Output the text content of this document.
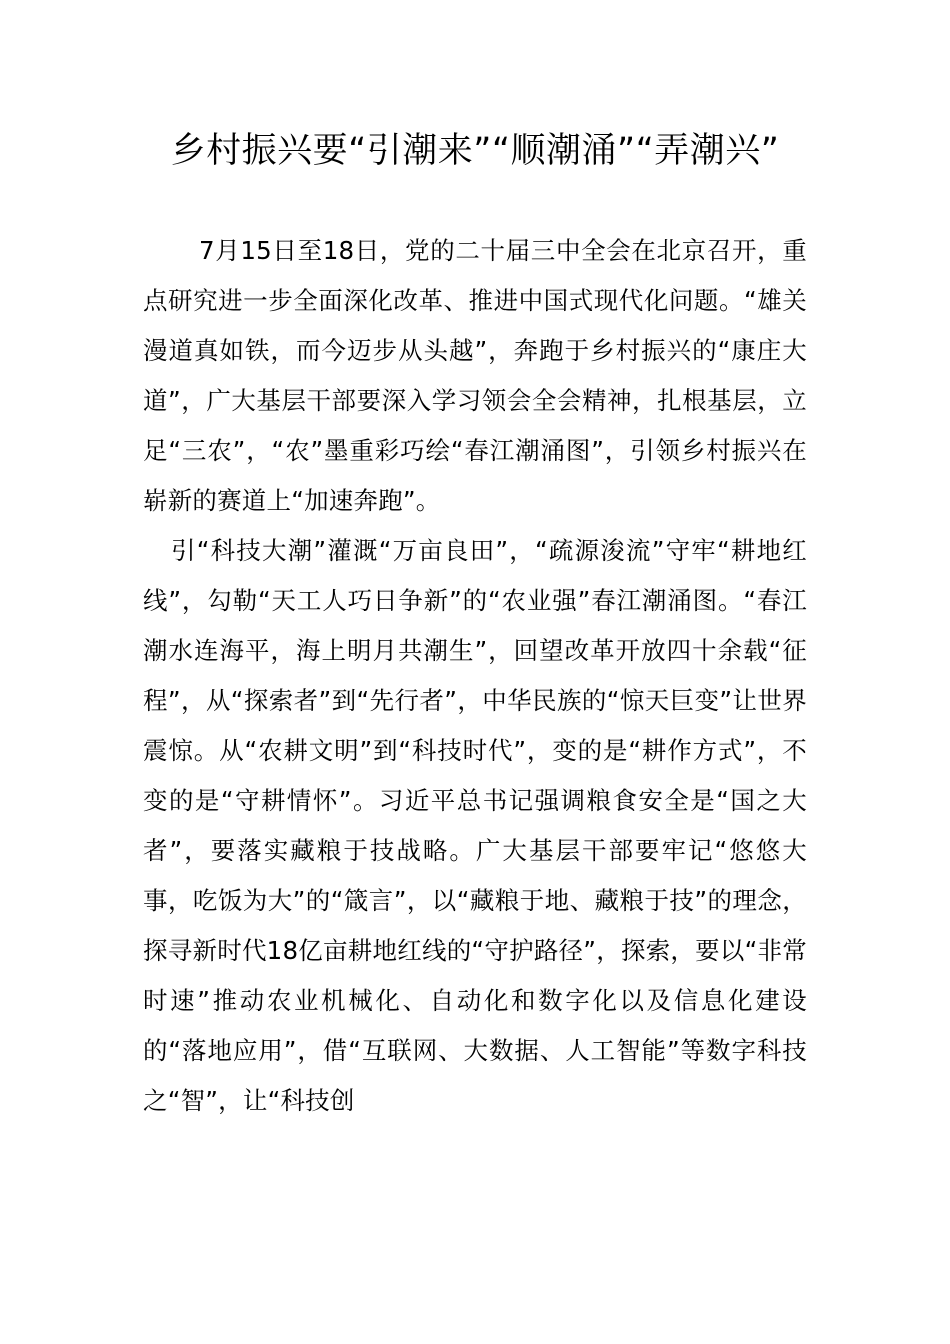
乡村振兴要“引潮来”“顺潮涌”“弄潮兴”

7月15日至18日，党的二十届三中全会在北京召开，重点研究进一步全面深化改革、推进中国式现代化问题。“雄关漫道真如铁，而今迈步从头越”，奔跑于乡村振兴的“康庄大道”，广大基层干部要深入学习领会全会精神，扎根基层，立足“三农”，“农”墨重彩巧绘“春江潮涌图”，引领乡村振兴在崭新的赛道上“加速奔跑”。

引“科技大潮”灌溉“万亩良田”，“疏源浚流”守牢“耕地红线”，勾勒“天工人巧日争新”的“农业强”春江潮涌图。“春江潮水连海平，海上明月共潮生”，回望改革开放四十余载“征程”，从“探索者”到“先行者”，中华民族的“惊天巨变”让世界震惊。从“农耕文明”到“科技时代”，变的是“耕作方式”，不变的是“守耕情怀”。习近平总书记强调粮食安全是“国之大者”，要落实藏粮于技战略。广大基层干部要牢记“悠悠大事，吃饭为大”的“箴言”，以“藏粮于地、藏粮于技”的理念，探寻新时代18亿亩耕地红线的“守护路径”，探索，要以“非常时速”推动农业机械化、自动化和数字化以及信息化建设的“落地应用”，借“互联网、大数据、人工智能”等数字科技之“智”，让“科技创
